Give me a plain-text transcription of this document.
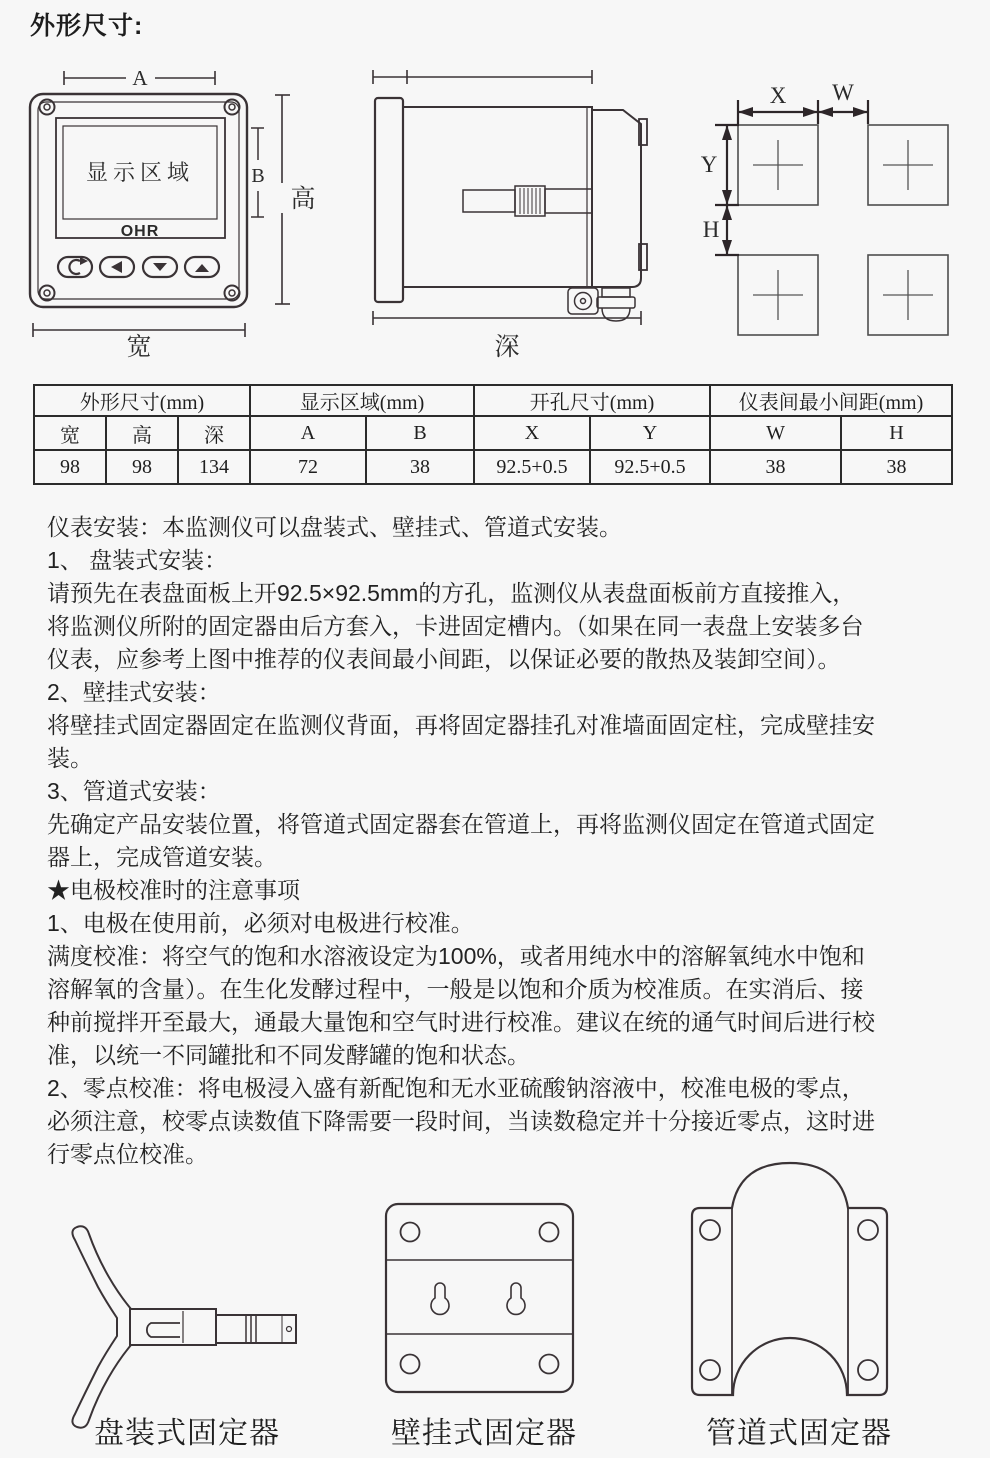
外形尺寸:
A
显示区域
OHR
B
高
宽	深
X W
Y
H
外形尺寸(mm)			显示区域(mm)		开孔尺寸(mm)		仪表间最小间距(mm)	
宽	高	深	A	B	X	Y	W	H
98	98	134	72	38	92.5+0.5	92.5+0.5	38	38
仪表安装：本监测仪可以盘装式、壁挂式、管道式安装。
1、 盘装式安装：
请预先在表盘面板上开92.5×92.5mm的方孔，监测仪从表盘面板前方直接推入，
将监测仪所附的固定器由后方套入，卡进固定槽内。（如果在同一表盘上安装多台
仪表，应参考上图中推荐的仪表间最小间距，以保证必要的散热及装卸空间）。
2、壁挂式安装：
将壁挂式固定器固定在监测仪背面，再将固定器挂孔对准墙面固定柱，完成壁挂安
装。
3、管道式安装：
先确定产品安装位置，将管道式固定器套在管道上，再将监测仪固定在管道式固定
器上，完成管道安装。
★电极校准时的注意事项
1、电极在使用前，必须对电极进行校准。
满度校准：将空气的饱和水溶液设定为100%，或者用纯水中的溶解氧纯水中饱和
溶解氧的含量）。在生化发酵过程中，一般是以饱和介质为校准质。在实消后、接
种前搅拌开至最大，通最大量饱和空气时进行校准。建议在统的通气时间后进行校
准，以统一不同罐批和不同发酵罐的饱和状态。
2、零点校准：将电极浸入盛有新配饱和无水亚硫酸钠溶液中，校准电极的零点，
必须注意，校零点读数值下降需要一段时间，当读数稳定并十分接近零点，这时进
行零点位校准。
盘装式固定器	壁挂式固定器	管道式固定器
